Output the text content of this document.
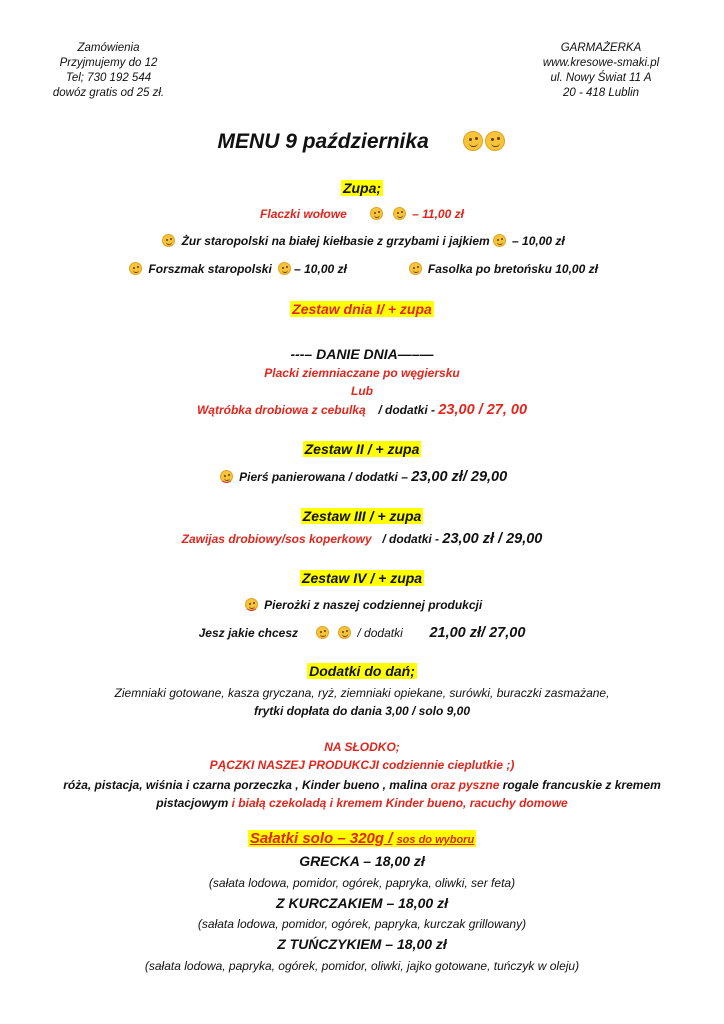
Zamówienia
Przyjmujemy do 12
Tel; 730 192 544
dowóz gratis od 25 zł.
GARMAŻERKA
www.kresowe-smaki.pl
ul. Nowy Świat 11 A
20 - 418 Lublin
MENU 9 października
Zupa;
Flaczki wołowe	– 11,00 zł
Żur staropolski na białej kiełbasie z grzybami i jajkiem – 10,00 zł
Forszmak staropolski – 10,00 zł	Fasolka po bretońsku 10,00 zł
Zestaw dnia I/ + zupa
---– DANIE DNIA—–—
Placki ziemniaczane po węgiersku
Lub
Wątróbka drobiowa z cebulką / dodatki - 23,00 / 27, 00
Zestaw II / + zupa
Pierś panierowana / dodatki – 23,00 zł/ 29,00
Zestaw III / + zupa
Zawijas drobiowy/sos koperkowy / dodatki - 23,00 zł / 29,00
Zestaw IV / + zupa
Pierożki z naszej codziennej produkcji
Jesz jakie chcesz	/ dodatki 21,00 zł/ 27,00
Dodatki do dań;
Ziemniaki gotowane, kasza gryczana, ryż, ziemniaki opiekane, surówki, buraczki zasmażane,
frytki dopłata do dania 3,00 / solo 9,00
NA SŁODKO;
PĄCZKI NASZEJ PRODUKCJI codziennie cieplutkie ;)
róża, pistacja, wiśnia i czarna porzeczka , Kinder bueno , malina oraz pyszne rogale francuskie z kremem
pistacjowym i białą czekoladą i kremem Kinder bueno, racuchy domowe
Sałatki solo – 320g / sos do wyboru
GRECKA – 18,00 zł
(sałata lodowa, pomidor, ogórek, papryka, oliwki, ser feta)
Z KURCZAKIEM – 18,00 zł
(sałata lodowa, pomidor, ogórek, papryka, kurczak grillowany)
Z TUŃCZYKIEM – 18,00 zł
(sałata lodowa, papryka, ogórek, pomidor, oliwki, jajko gotowane, tuńczyk w oleju)
